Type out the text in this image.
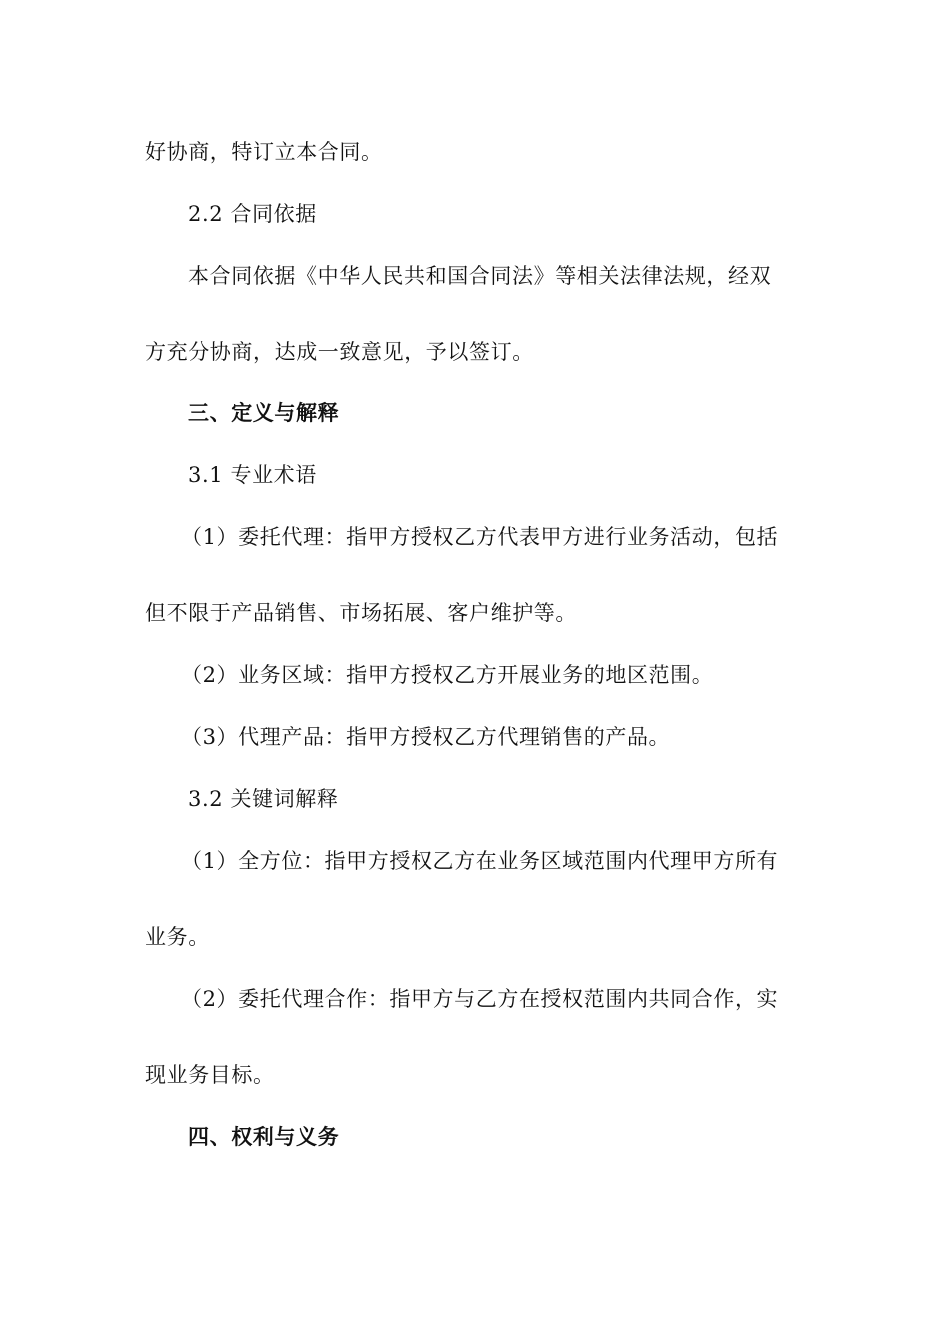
好协商，特订立本合同。
2.2 合同依据
本合同依据《中华人民共和国合同法》等相关法律法规，经双
方充分协商，达成一致意见，予以签订。
三、定义与解释
3.1 专业术语
（1）委托代理：指甲方授权乙方代表甲方进行业务活动，包括
但不限于产品销售、市场拓展、客户维护等。
（2）业务区域：指甲方授权乙方开展业务的地区范围。
（3）代理产品：指甲方授权乙方代理销售的产品。
3.2 关键词解释
（1）全方位：指甲方授权乙方在业务区域范围内代理甲方所有
业务。
（2）委托代理合作：指甲方与乙方在授权范围内共同合作，实
现业务目标。
四、权利与义务
